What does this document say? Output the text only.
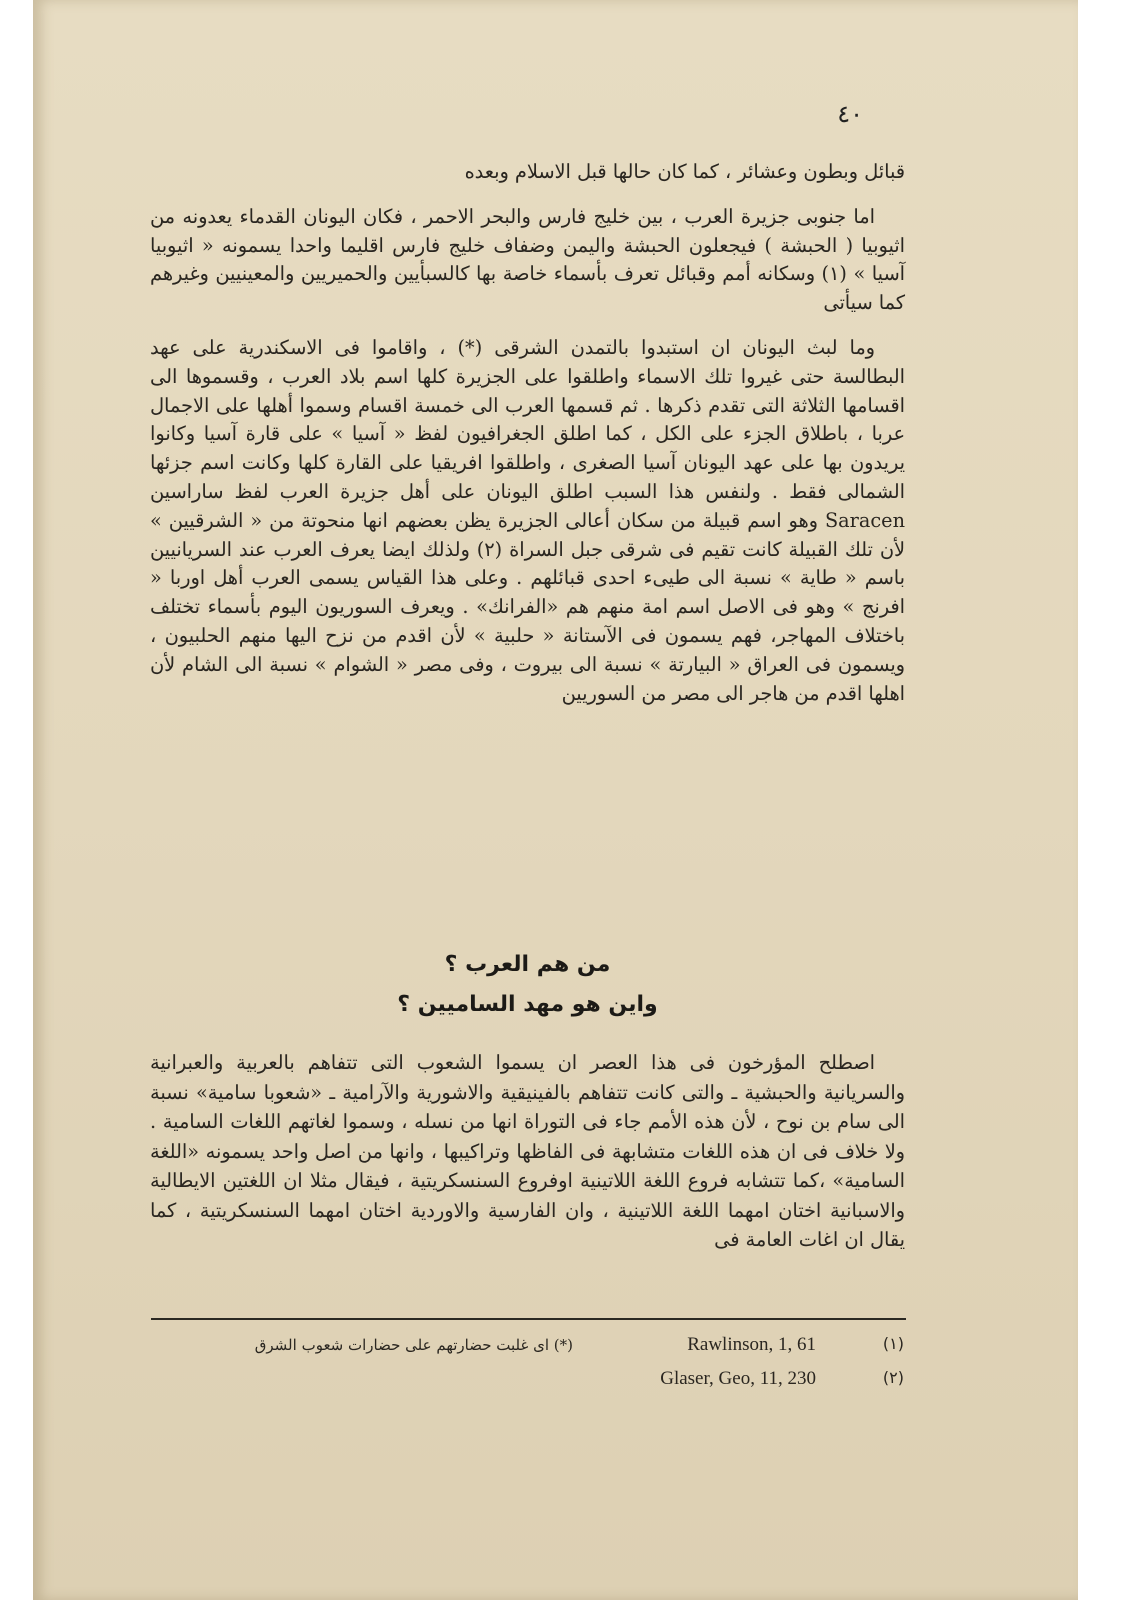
٤٠

قبائل وبطون وعشائر ، كما كان حالها قبل الاسلام وبعده

اما جنوبى جزيرة العرب ، بين خليج فارس والبحر الاحمر ، فكان اليونان القدماء يعدونه من اثيوبيا ( الحبشة ) فيجعلون الحبشة واليمن وضفاف خليج فارس اقليما واحدا يسمونه « اثيوبيا آسيا » (١) وسكانه أمم وقبائل تعرف بأسماء خاصة بها كالسبأيين والحميريين والمعينيين وغيرهم كما سيأتى

وما لبث اليونان ان استبدوا بالتمدن الشرقى (*) ، واقاموا فى الاسكندرية على عهد البطالسة حتى غيروا تلك الاسماء واطلقوا على الجزيرة كلها اسم بلاد العرب ، وقسموها الى اقسامها الثلاثة التى تقدم ذكرها . ثم قسمها العرب الى خمسة اقسام وسموا أهلها على الاجمال عربا ، باطلاق الجزء على الكل ، كما اطلق الجغرافيون لفظ « آسيا » على قارة آسيا وكانوا يريدون بها على عهد اليونان آسيا الصغرى ، واطلقوا افريقيا على القارة كلها وكانت اسم جزئها الشمالى فقط . ولنفس هذا السبب اطلق اليونان على أهل جزيرة العرب لفظ ساراسين Saracen وهو اسم قبيلة من سكان أعالى الجزيرة يظن بعضهم انها منحوتة من « الشرقيين » لأن تلك القبيلة كانت تقيم فى شرقى جبل السراة (٢) ولذلك ايضا يعرف العرب عند السريانيين باسم « طاية » نسبة الى طيىء احدى قبائلهم . وعلى هذا القياس يسمى العرب أهل اوربا « افرنج » وهو فى الاصل اسم امة منهم هم «الفرانك» . ويعرف السوريون اليوم بأسماء تختلف باختلاف المهاجر، فهم يسمون فى الآستانة « حلبية » لأن اقدم من نزح اليها منهم الحلبيون ، ويسمون فى العراق « البيارتة » نسبة الى بيروت ، وفى مصر « الشوام » نسبة الى الشام لأن اهلها اقدم من هاجر الى مصر من السوريين

من هم العرب ؟

واين هو مهد الساميين ؟

اصطلح المؤرخون فى هذا العصر ان يسموا الشعوب التى تتفاهم بالعربية والعبرانية والسريانية والحبشية ـ والتى كانت تتفاهم بالفينيقية والاشورية والآرامية ـ «شعوبا سامية» نسبة الى سام بن نوح ، لأن هذه الأمم جاء فى التوراة انها من نسله ، وسموا لغاتهم اللغات السامية . ولا خلاف فى ان هذه اللغات متشابهة فى الفاظها وتراكيبها ، وانها من اصل واحد يسمونه «اللغة السامية» ،كما تتشابه فروع اللغة اللاتينية اوفروع السنسكريتية ، فيقال مثلا ان اللغتين الايطالية والاسبانية اختان امهما اللغة اللاتينية ، وان الفارسية والاوردية اختان امهما السنسكريتية ، كما يقال ان اغات العامة فى

(١)
Rawlinson, 1, 61
(*) اى غلبت حضارتهم على حضارات شعوب الشرق
(٢)
Glaser, Geo, 11, 230
